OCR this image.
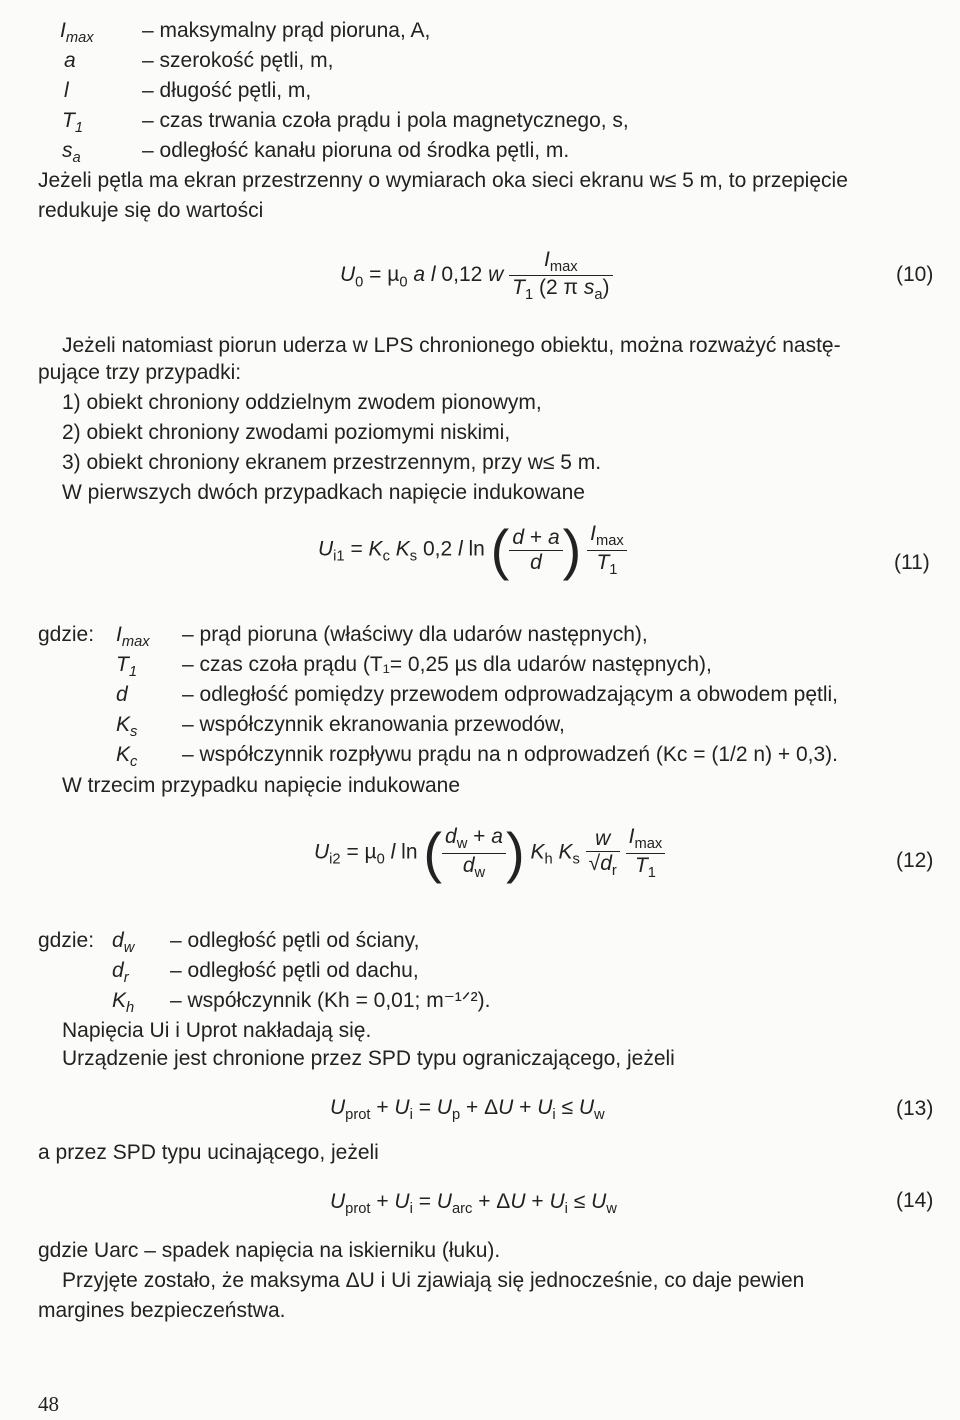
$I_{max}$ – maksymalny prąd pioruna, A,
a	– szerokość pętli, m,
l	– długość pętli, m,
$T_1$	– czas trwania czoła prądu i pola magnetycznego, s,
$s_a$	– odległość kanału pioruna od środka pętli, m.
Jeżeli pętla ma ekran przestrzenny o wymiarach oka sieci ekranu w≤ 5 m, to przepięcie
redukuje się do wartości
$U_0 = \mu_0$ a l 0,12 w $\frac{I_{max}}{T_1 (2 \pi s_a)}$	(10)
Jeżeli natomiast piorun uderza w LPS chronionego obiektu, można rozważyć nastę-
pujące trzy przypadki:
1) obiekt chroniony oddzielnym zwodem pionowym,
2) obiekt chroniony zwodami poziomymi niskimi,
3) obiekt chroniony ekranem przestrzennym, przy w≤ 5 m.
W pierwszych dwóch przypadkach napięcie indukowane
$U_{i1} = K_c$ $K_s$ 0,2 l ln ( $\frac{d + a}{d}$ ) $\frac{I_{max}}{T_1}$	(11)
gdzie: $I_{max}$ – prąd pioruna (właściwy dla udarów następnych),
$T_1$ – czas czoła prądu (T₁= 0,25 µs dla udarów następnych),
d	– odległość pomiędzy przewodem odprowadzającym a obwodem pętli,
$K_s$ – współczynnik ekranowania przewodów,
$K_c$ – współczynnik rozpływu prądu na n odprowadzeń (Kc = (1/2 n) + 0,3).
W trzecim przypadku napięcie indukowane
$U_{i2} = \mu_0$ l ln ( $\frac{d_w + a}{d_w}$ ) $K_h$ $K_s \frac{w}{√d_r}$
$\frac{I_{max}}{T_1}$	(12)
gdzie: $d_w$ – odległość pętli od ściany,
$d_r$ – odległość pętli od dachu,
$K_h$ – współczynnik (Kh = 0,01; m⁻¹ᐟ²).
Napięcia Ui i Uprot nakładają się.
Urządzenie jest chronione przez SPD typu ograniczającego, jeżeli
$U_{prot} + U_i = U_p + \Delta U + U_i \le U_w$	(13)
a przez SPD typu ucinającego, jeżeli
$U_{prot} + U_i = U_{arc} + \Delta U + U_i \le U_w$	(14)
gdzie Uarc – spadek napięcia na iskierniku (łuku).
Przyjęte zostało, że maksyma ΔU i Ui zjawiają się jednocześnie, co daje pewien
margines bezpieczeństwa.
48
